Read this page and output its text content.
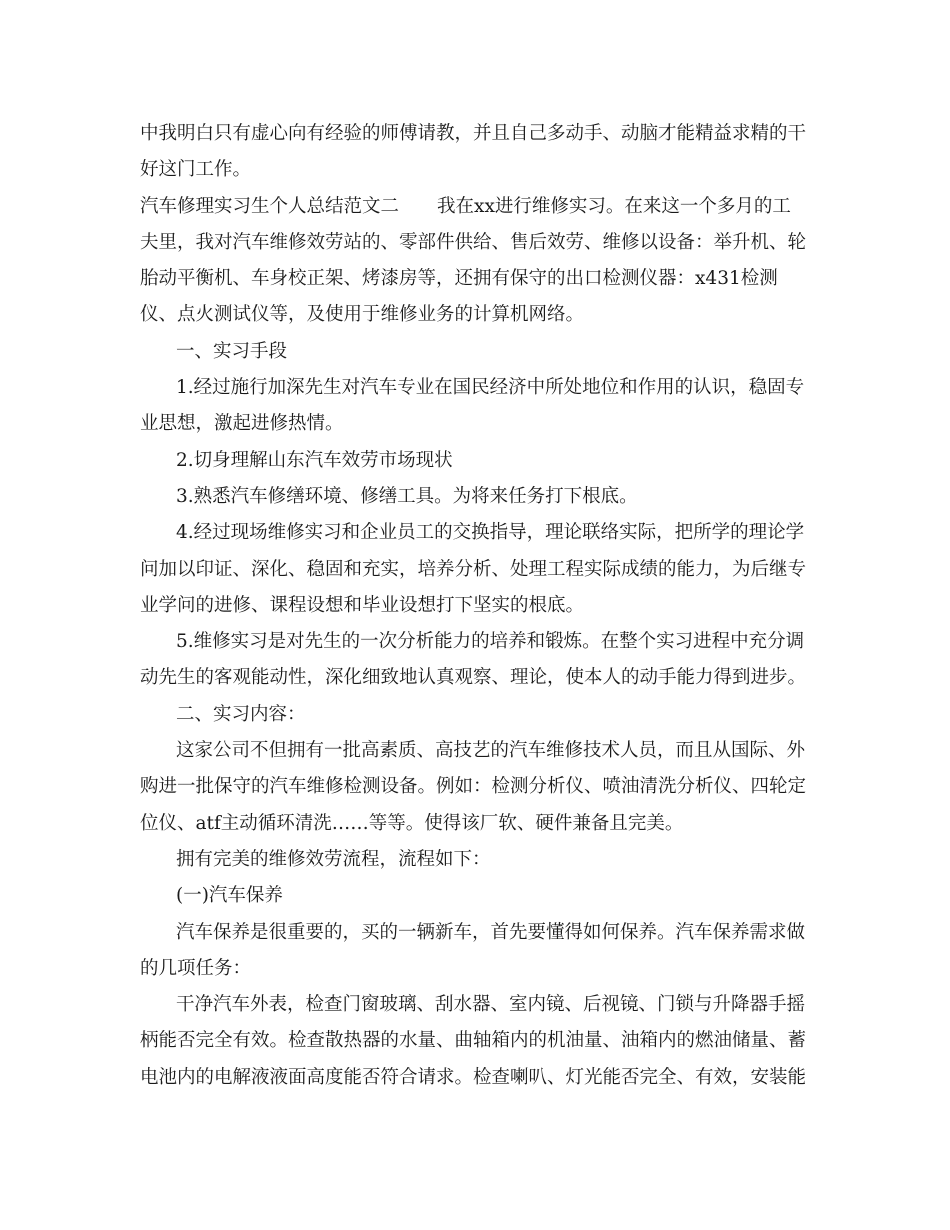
中我明白只有虚心向有经验的师傅请教，并且自己多动手、动脑才能精益求精的干
好这门工作。
汽车修理实习生个人总结范文二 我在xx进行维修实习。在来这一个多月的工
夫里，我对汽车维修效劳站的、零部件供给、售后效劳、维修以设备：举升机、轮
胎动平衡机、车身校正架、烤漆房等，还拥有保守的出口检测仪器：x431检测
仪、点火测试仪等，及使用于维修业务的计算机网络。
一、实习手段
1.经过施行加深先生对汽车专业在国民经济中所处地位和作用的认识，稳固专
业思想，激起进修热情。
2.切身理解山东汽车效劳市场现状
3.熟悉汽车修缮环境、修缮工具。为将来任务打下根底。
4.经过现场维修实习和企业员工的交换指导，理论联络实际，把所学的理论学
问加以印证、深化、稳固和充实，培养分析、处理工程实际成绩的能力，为后继专
业学问的进修、课程设想和毕业设想打下坚实的根底。
5.维修实习是对先生的一次分析能力的培养和锻炼。在整个实习进程中充分调
动先生的客观能动性，深化细致地认真观察、理论，使本人的动手能力得到进步。
二、实习内容：
这家公司不但拥有一批高素质、高技艺的汽车维修技术人员，而且从国际、外
购进一批保守的汽车维修检测设备。例如：检测分析仪、喷油清洗分析仪、四轮定
位仪、atf主动循环清洗……等等。使得该厂软、硬件兼备且完美。
拥有完美的维修效劳流程，流程如下：
(一)汽车保养
汽车保养是很重要的，买的一辆新车，首先要懂得如何保养。汽车保养需求做
的几项任务：
干净汽车外表，检查门窗玻璃、刮水器、室内镜、后视镜、门锁与升降器手摇
柄能否完全有效。检查散热器的水量、曲轴箱内的机油量、油箱内的燃油储量、蓄
电池内的电解液液面高度能否符合请求。检查喇叭、灯光能否完全、有效，安装能
